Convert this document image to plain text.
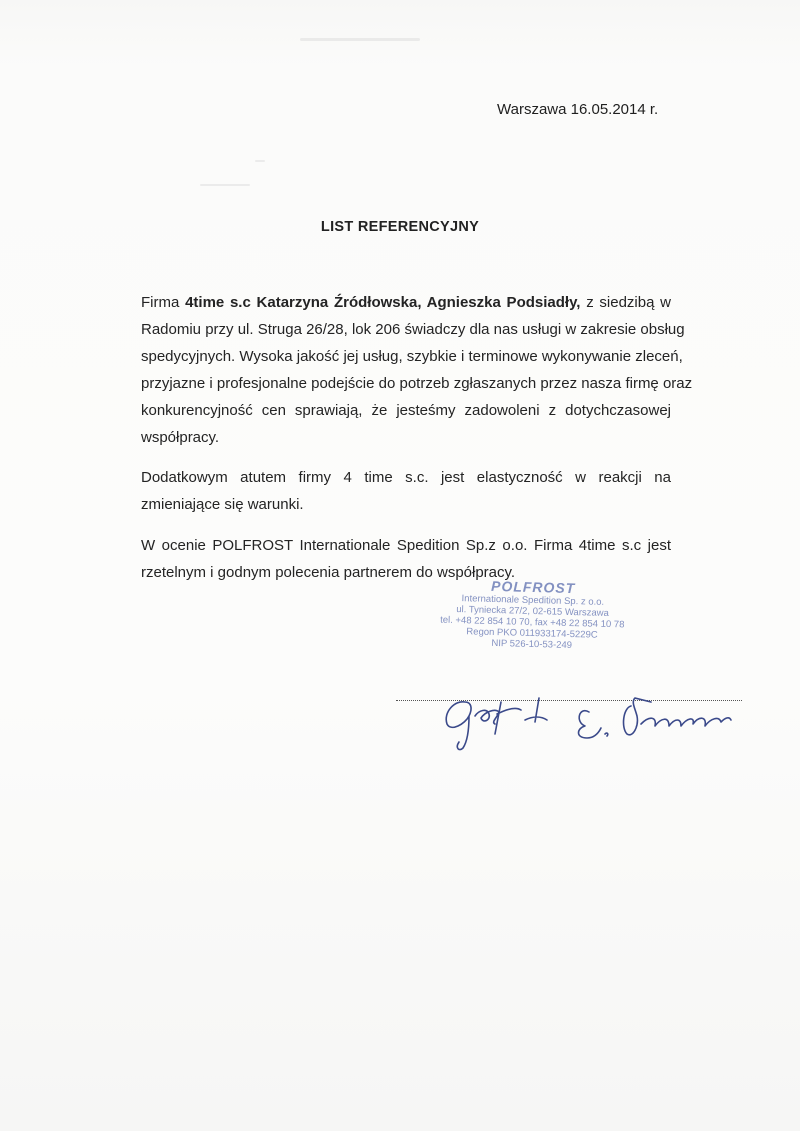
Warszawa 16.05.2014 r.
LIST REFERENCYJNY
Firma 4time s.c Katarzyna Źródłowska, Agnieszka Podsiadły, z siedzibą w
Radomiu przy ul. Struga 26/28, lok 206 świadczy dla nas usługi w zakresie obsług
spedycyjnych. Wysoka jakość jej usług, szybkie i terminowe wykonywanie zleceń,
przyjazne i profesjonalne podejście do potrzeb zgłaszanych przez nasza firmę oraz
konkurencyjność cen sprawiają, że jesteśmy zadowoleni z dotychczasowej
współpracy.
Dodatkowym atutem firmy 4 time s.c. jest elastyczność w reakcji na
zmieniające się warunki.
W ocenie POLFROST Internationale Spedition Sp.z o.o. Firma 4time s.c jest
rzetelnym i godnym polecenia partnerem do współpracy.
POLFROST
Internationale Spedition Sp. z o.o.
ul. Tyniecka 27/2, 02-615 Warszawa
tel. +48 22 854 10 70, fax +48 22 854 10 78
Regon PKO 011933174-5229C
NIP 526-10-53-249
